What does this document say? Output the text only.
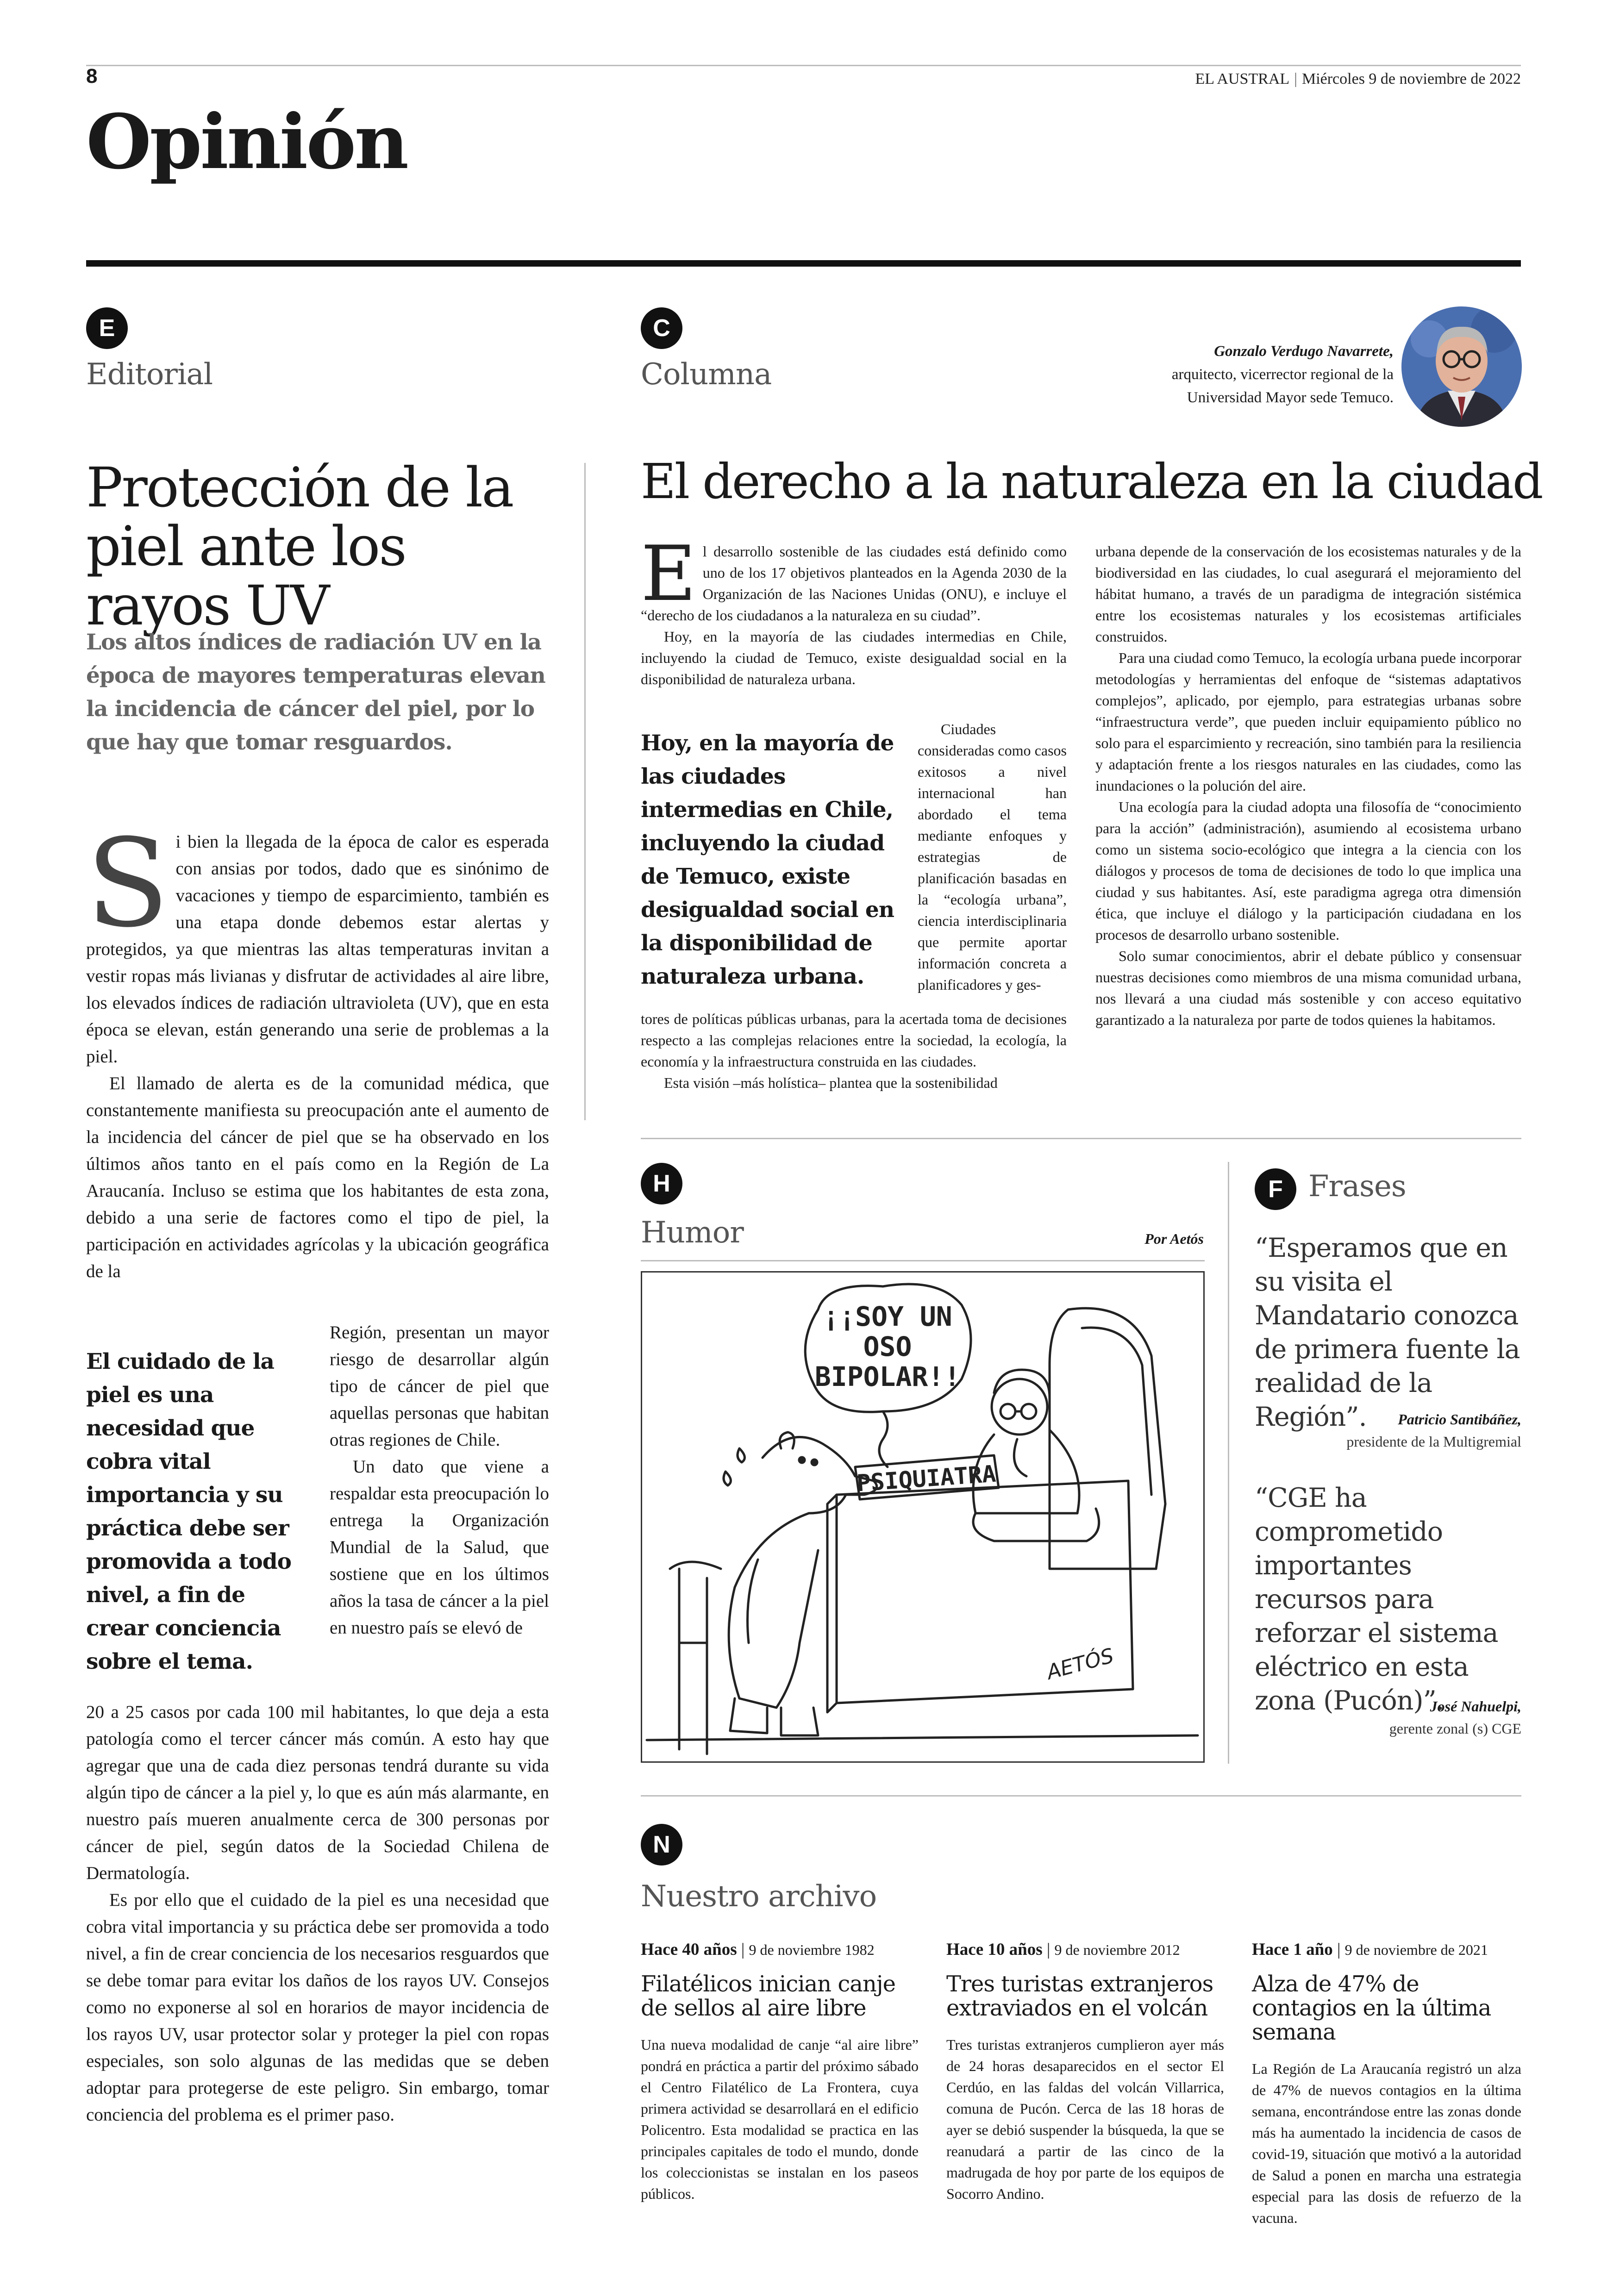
8	EL AUSTRAL | Miércoles 9 de noviembre de 2022
Opinión
E
Editorial
Protección de la piel ante los rayos UV
Los altos índices de radiación UV en la época de mayores temperaturas elevan la incidencia de cáncer del piel, por lo que hay que tomar resguardos.
S i bien la llegada de la época de calor es esperada con ansias por todos, dado que es sinónimo de vacaciones y tiempo de esparcimiento, también es una etapa donde debemos estar alertas y protegidos, ya que mientras las altas temperaturas invitan a vestir ropas más livianas y disfrutar de actividades al aire libre, los elevados índices de radiación ultravioleta (UV), que en esta época se elevan, están generando una serie de problemas a la piel.

El llamado de alerta es de la comunidad médica, que constantemente manifiesta su preocupación ante el aumento de la incidencia del cáncer de piel que se ha observado en los últimos años tanto en el país como en la Región de La Araucanía. Incluso se estima que los habitantes de esta zona, debido a una serie de factores como el tipo de piel, la participación en actividades agrícolas y la ubicación geográfica de la

El cuidado de la piel es una necesidad que cobra vital importancia y su práctica debe ser promovida a todo nivel, a fin de crear conciencia sobre el tema.

Región, presentan un mayor riesgo de desarrollar algún tipo de cáncer de piel que aquellas personas que habitan otras regiones de Chile.

Un dato que viene a respaldar esta preocupación lo entrega la Organización Mundial de la Salud, que sostiene que en los últimos años la tasa de cáncer a la piel en nuestro país se elevó de

20 a 25 casos por cada 100 mil habitantes, lo que deja a esta patología como el tercer cáncer más común. A esto hay que agregar que una de cada diez personas tendrá durante su vida algún tipo de cáncer a la piel y, lo que es aún más alarmante, en nuestro país mueren anualmente cerca de 300 personas por cáncer de piel, según datos de la Sociedad Chilena de Dermatología.

Es por ello que el cuidado de la piel es una necesidad que cobra vital importancia y su práctica debe ser promovida a todo nivel, a fin de crear conciencia de los necesarios resguardos que se debe tomar para evitar los daños de los rayos UV. Consejos como no exponerse al sol en horarios de mayor incidencia de los rayos UV, usar protector solar y proteger la piel con ropas especiales, son solo algunas de las medidas que se deben adoptar para protegerse de este peligro. Sin embargo, tomar conciencia del problema es el primer paso.

C
Columna
Gonzalo Verdugo Navarrete,
arquitecto, vicerrector regional de la
Universidad Mayor sede Temuco.
El derecho a la naturaleza en la ciudad
E l desarrollo sostenible de las ciudades está definido como uno de los 17 objetivos planteados en la Agenda 2030 de la Organización de las Naciones Unidas (ONU), e incluye el “derecho de los ciudadanos a la naturaleza en su ciudad”.

Hoy, en la mayoría de las ciudades intermedias en Chile, incluyendo la ciudad de Temuco, existe desigualdad social en la disponibilidad de naturaleza urbana.

Hoy, en la mayoría de las ciudades intermedias en Chile, incluyendo la ciudad de Temuco, existe desigualdad social en la disponibilidad de naturaleza urbana.

Ciudades consideradas como casos exitosos a nivel internacional han abordado el tema mediante enfoques y estrategias de planificación basadas en la “ecología urbana”, ciencia interdisciplinaria que permite aportar información concreta a planificadores y ges-

tores de políticas públicas urbanas, para la acertada toma de decisiones respecto a las complejas relaciones entre la sociedad, la ecología, la economía y la infraestructura construida en las ciudades.

Esta visión –más holística– plantea que la sostenibilidad

urbana depende de la conservación de los ecosistemas naturales y de la biodiversidad en las ciudades, lo cual asegurará el mejoramiento del hábitat humano, a través de un paradigma de integración sistémica entre los ecosistemas naturales y los ecosistemas artificiales construidos.

Para una ciudad como Temuco, la ecología urbana puede incorporar metodologías y herramientas del enfoque de “sistemas adaptativos complejos”, aplicado, por ejemplo, para estrategias urbanas sobre “infraestructura verde”, que pueden incluir equipamiento público no solo para el esparcimiento y recreación, sino también para la resiliencia y adaptación frente a los riesgos naturales en las ciudades, como las inundaciones o la polución del aire.

Una ecología para la ciudad adopta una filosofía de “conocimiento para la acción” (administración), asumiendo al ecosistema urbano como un sistema socio-ecológico que integra a la ciencia con los diálogos y procesos de toma de decisiones de todo lo que implica una ciudad y sus habitantes. Así, este paradigma agrega otra dimensión ética, que incluye el diálogo y la participación ciudadana en los procesos de desarrollo urbano sostenible.

Solo sumar conocimientos, abrir el debate público y consensuar nuestras decisiones como miembros de una misma comunidad urbana, nos llevará a una ciudad más sostenible y con acceso equitativo garantizado a la naturaleza por parte de todos quienes la habitamos.

H
Humor	Por Aetós
¡¡SOY UN
OSO
BIPOLAR!!
PSIQUIATRA
AETÓS
F Frases
“Esperamos que en su visita el Mandatario conozca de primera fuente la realidad de la Región”.	Patricio Santibáñez,
presidente de la Multigremial
“CGE ha comprometido importantes recursos para reforzar el sistema eléctrico en esta zona (Pucón)”.
José Nahuelpi,
gerente zonal (s) CGE
N
Nuestro archivo
Hace 40 años | 9 de noviembre 1982
Filatélicos inician canje de sellos al aire libre
Una nueva modalidad de canje “al aire libre” pondrá en práctica a partir del próximo sábado el Centro Filatélico de La Frontera, cuya primera actividad se desarrollará en el edificio Policentro. Esta modalidad se practica en las principales capitales de todo el mundo, donde los coleccionistas se instalan en los paseos públicos.
Hace 10 años | 9 de noviembre 2012
Tres turistas extranjeros extraviados en el volcán
Tres turistas extranjeros cumplieron ayer más de 24 horas desaparecidos en el sector El Cerdúo, en las faldas del volcán Villarrica, comuna de Pucón. Cerca de las 18 horas de ayer se debió suspender la búsqueda, la que se reanudará a partir de las cinco de la madrugada de hoy por parte de los equipos de Socorro Andino.
Hace 1 año | 9 de noviembre de 2021
Alza de 47% de contagios en la última semana
La Región de La Araucanía registró un alza de 47% de nuevos contagios en la última semana, encontrándose entre las zonas donde más ha aumentado la incidencia de casos de covid-19, situación que motivó a la autoridad de Salud a ponen en marcha una estrategia especial para las dosis de refuerzo de la vacuna.
